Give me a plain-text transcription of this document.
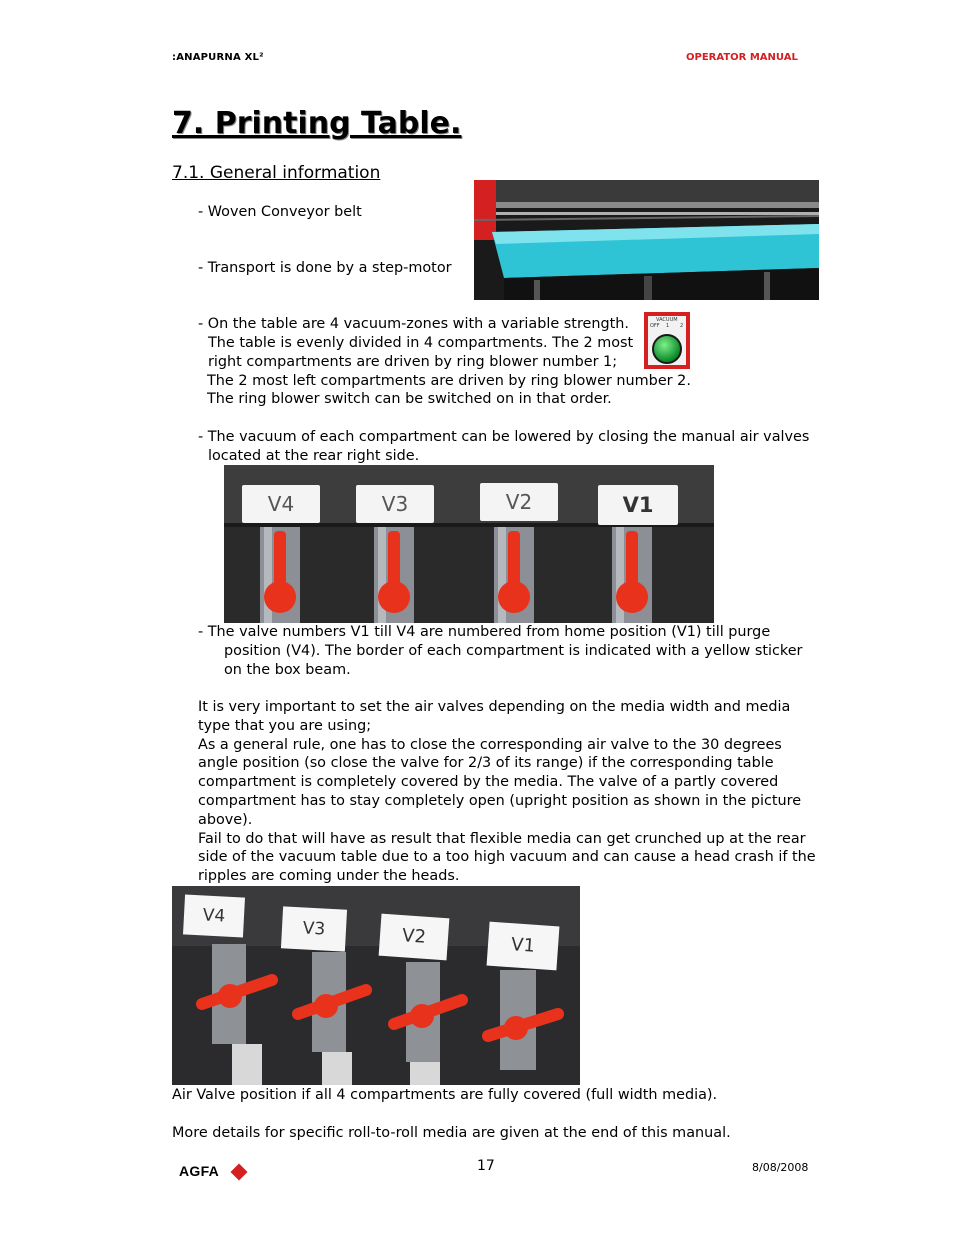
:ANAPURNA XL²	OPERATOR MANUAL
7. Printing Table.
7.1. General information
- Woven Conveyor belt
- Transport is done by a step-motor
- On the table are 4 vacuum-zones with a variable strength.
The table is evenly divided in 4 compartments. The 2 most
right compartments are driven by ring blower number 1;
The 2 most left compartments are driven by ring blower number 2.
The ring blower switch can be switched on in that order.
VACUUM
OFF 1 2
- The vacuum of each compartment can be lowered by closing the manual air valves
located at the rear right side.
V4	V3	V2	V1
- The valve numbers V1 till V4 are numbered from home position (V1) till purge
position (V4). The border of each compartment is indicated with a yellow sticker
on the box beam.
It is very important to set the air valves depending on the media width and media
type that you are using;
As a general rule, one has to close the corresponding air valve to the 30 degrees
angle position (so close the valve for 2/3 of its range) if the corresponding table
compartment is completely covered by the media. The valve of a partly covered
compartment has to stay completely open (upright position as shown in the picture
above).
Fail to do that will have as result that flexible media can get crunched up at the rear
side of the vacuum table due to a too high vacuum and can cause a head crash if the
ripples are coming under the heads.
V4
V3	V2	V1
Air Valve position if all 4 compartments are fully covered (full width media).
More details for specific roll-to-roll media are given at the end of this manual.
AGFA	17	8/08/2008
